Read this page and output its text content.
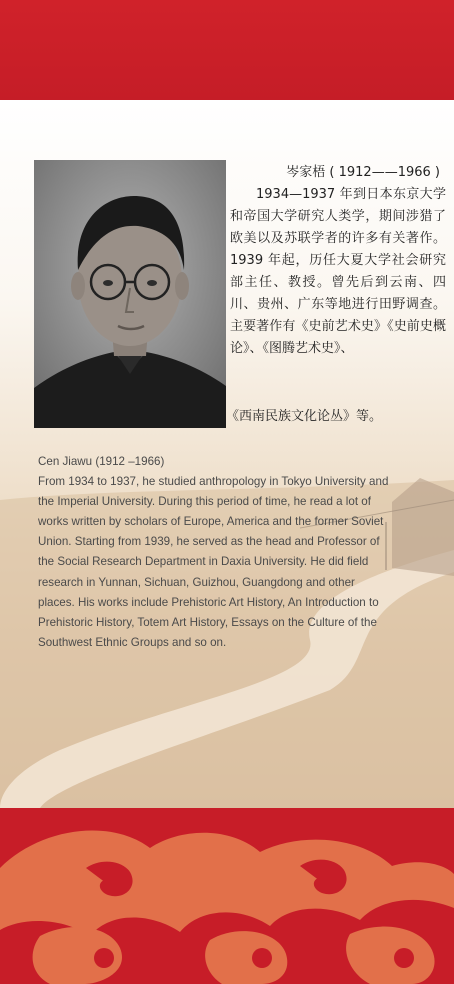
岑家梧 ( 1912——1966 )
1934—1937 年到日本东京大学和帝国大学研究人类学，期间涉猎了欧美以及苏联学者的许多有关著作。1939 年起，历任大夏大学社会研究部主任、教授。曾先后到云南、四川、贵州、广东等地进行田野调查。主要著作有《史前艺术史》《史前史概论》、《图腾艺术史》、
《西南民族文化论丛》等。

Cen Jiawu (1912 –1966)

From 1934 to 1937, he studied anthropology in Tokyo University and the Imperial University. During this period of time, he read a lot of works written by scholars of Europe, America and the former Soviet Union. Starting from 1939, he served as the head and Professor of the Social Research Department in Daxia University. He did field research in Yunnan, Sichuan, Guizhou, Guangdong and other places. His works include Prehistoric Art History, An Introduction to Prehistoric History, Totem Art History, Essays on the Culture of the Southwest Ethnic Groups and so on.
